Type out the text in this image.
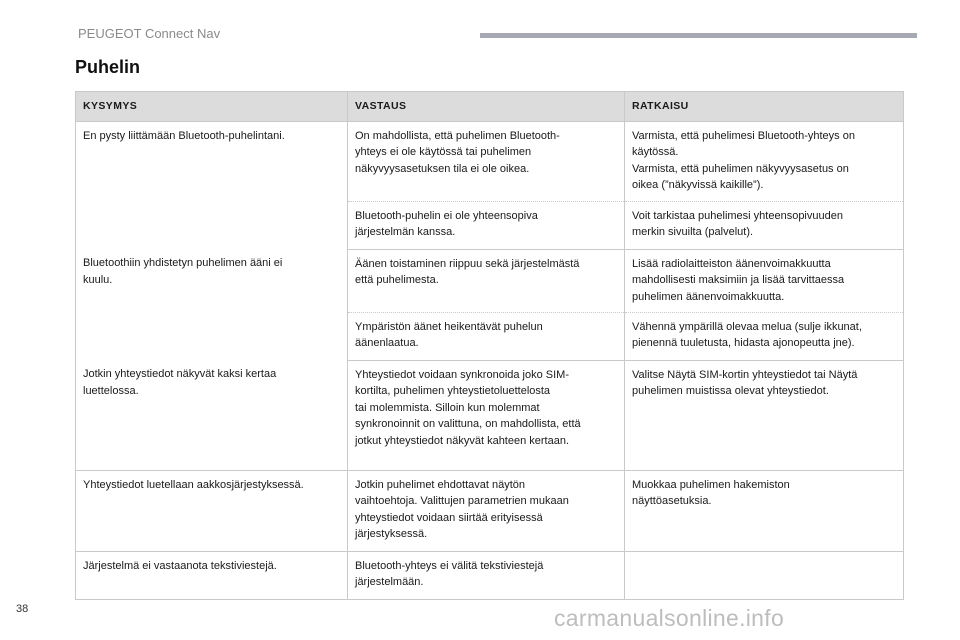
PEUGEOT Connect Nav
Puhelin
KYSYMYS	VASTAUS	RATKAISU

En pysty liittämään Bluetooth-puhelintani.	On mahdollista, että puhelimen Bluetooth-
yhteys ei ole käytössä tai puhelimen
näkyvyysasetuksen tila ei ole oikea.	Varmista, että puhelimesi Bluetooth-yhteys on
käytössä.
Varmista, että puhelimen näkyvyysasetus on
oikea (”näkyvissä kaikille”).

	Bluetooth-puhelin ei ole yhteensopiva
järjestelmän kanssa.	Voit tarkistaa puhelimesi yhteensopivuuden
merkin sivuilta (palvelut).

Bluetoothiin yhdistetyn puhelimen ääni ei
kuulu.	Äänen toistaminen riippuu sekä järjestelmästä
että puhelimesta.	Lisää radiolaitteiston äänenvoimakkuutta
mahdollisesti maksimiin ja lisää tarvittaessa
puhelimen äänenvoimakkuutta.

	Ympäristön äänet heikentävät puhelun
äänenlaatua.	Vähennä ympärillä olevaa melua (sulje ikkunat,
pienennä tuuletusta, hidasta ajonopeutta jne).

Jotkin yhteystiedot näkyvät kaksi kertaa
luettelossa.	Yhteystiedot voidaan synkronoida joko SIM-
kortilta, puhelimen yhteystietoluettelosta
tai molemmista. Silloin kun molemmat
synkronoinnit on valittuna, on mahdollista, että
jotkut yhteystiedot näkyvät kahteen kertaan.	Valitse Näytä SIM-kortin yhteystiedot tai Näytä
puhelimen muistissa olevat yhteystiedot.

Yhteystiedot luetellaan aakkosjärjestyksessä.	Jotkin puhelimet ehdottavat näytön
vaihtoehtoja. Valittujen parametrien mukaan
yhteystiedot voidaan siirtää erityisessä
järjestyksessä.	Muokkaa puhelimen hakemiston
näyttöasetuksia.

Järjestelmä ei vastaanota tekstiviestejä.	Bluetooth-yhteys ei välitä tekstiviestejä
järjestelmään.	

38	carmanualsonline.info
